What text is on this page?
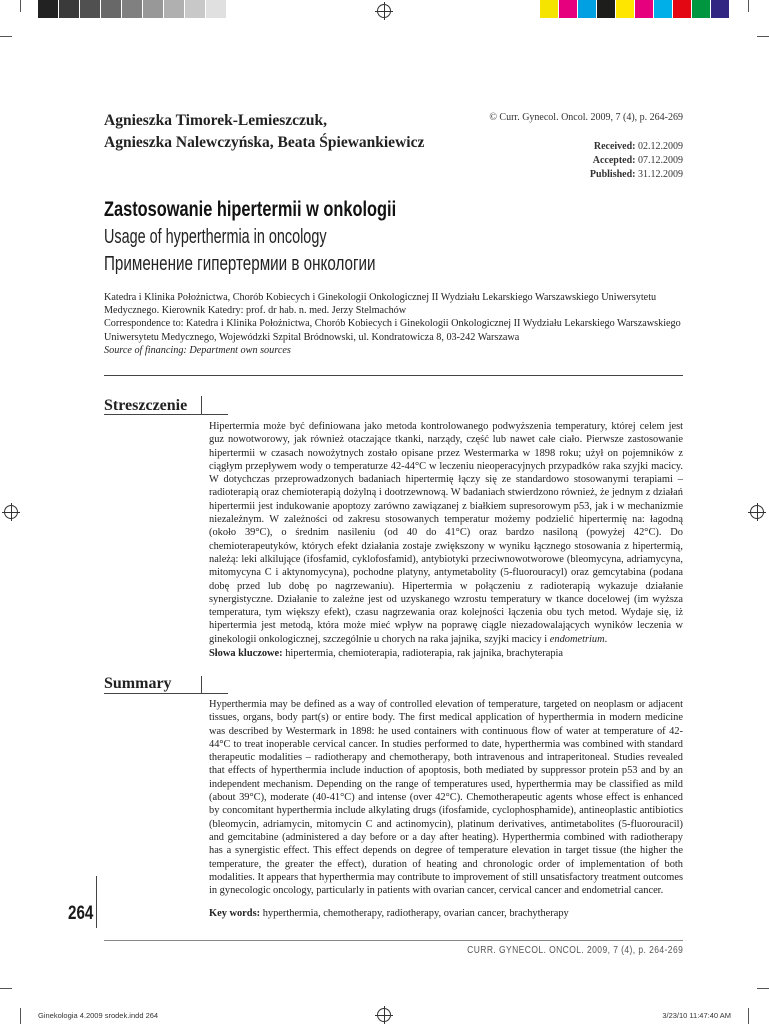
Agnieszka Timorek-Lemieszczuk,
Agnieszka Nalewczyńska, Beata Śpiewankiewicz
© Curr. Gynecol. Oncol. 2009, 7 (4), p. 264-269
Received: 02.12.2009
Accepted: 07.12.2009
Published: 31.12.2009
Zastosowanie hipertermii w onkologii
Usage of hyperthermia in oncology
Применение гипертермии в онкологии
Katedra i Klinika Położnictwa, Chorób Kobiecych i Ginekologii Onkologicznej II Wydziału Lekarskiego Warszawskiego Uniwersytetu
Medycznego. Kierownik Katedry: prof. dr hab. n. med. Jerzy Stelmachów
Correspondence to: Katedra i Klinika Położnictwa, Chorób Kobiecych i Ginekologii Onkologicznej II Wydziału Lekarskiego Warszawskiego
Uniwersytetu Medycznego, Wojewódzki Szpital Bródnowski, ul. Kondratowicza 8, 03-242 Warszawa
Source of financing: Department own sources
Streszczenie
Hipertermia może być definiowana jako metoda kontrolowanego podwyższenia temperatury, której celem jest guz nowotworowy, jak również otaczające tkanki, narządy, część lub nawet całe ciało. Pierwsze zastosowanie hipertermii w czasach nowożytnych zostało opisane przez Westermarka w 1898 roku; użył on pojemników z ciągłym przepływem wody o temperaturze 42-44°C w leczeniu nieoperacyjnych przypadków raka szyjki macicy. W dotychczas przeprowadzonych badaniach hipertermię łączy się ze standardowo stosowanymi terapiami – radioterapią oraz chemioterapią dożylną i dootrzewnową. W badaniach stwierdzono również, że jednym z działań hipertermii jest indukowanie apoptozy zarówno zawiązanej z białkiem supresorowym p53, jak i w mechanizmie niezależnym. W zależności od zakresu stosowanych temperatur możemy podzielić hipertermię na: łagodną (około 39°C), o średnim nasileniu (od 40 do 41°C) oraz bardzo nasiloną (powyżej 42°C). Do chemioterapeutyków, których efekt działania zostaje zwiększony w wyniku łącznego stosowania z hipertermią, należą: leki alkilujące (ifosfamid, cyklofosfamid), antybiotyki przeciwnowotworowe (bleomycyna, adriamycyna, mitomycyna C i aktynomycyna), pochodne platyny, antymetabolity (5-fluorouracyl) oraz gemcytabina (podana dobę przed lub dobę po nagrzewaniu). Hipertermia w połączeniu z radioterapią wykazuje działanie synergistyczne. Działanie to zależne jest od uzyskanego wzrostu temperatury w tkance docelowej (im wyższa temperatura, tym większy efekt), czasu nagrzewania oraz kolejności łączenia obu tych metod. Wydaje się, iż hipertermia jest metodą, która może mieć wpływ na poprawę ciągle niezadowalających wyników leczenia w ginekologii onkologicznej, szczególnie u chorych na raka jajnika, szyjki macicy i endometrium.
Słowa kluczowe: hipertermia, chemioterapia, radioterapia, rak jajnika, brachyterapia
Summary
Hyperthermia may be defined as a way of controlled elevation of temperature, targeted on neoplasm or adjacent tissues, organs, body part(s) or entire body. The first medical application of hyperthermia in modern medicine was described by Westermark in 1898: he used containers with continuous flow of water at temperature of 42-44°C to treat inoperable cervical cancer. In studies performed to date, hyperthermia was combined with standard therapeutic modalities – radiotherapy and chemotherapy, both intravenous and intraperitoneal. Studies revealed that effects of hyperthermia include induction of apoptosis, both mediated by suppressor protein p53 and by an independent mechanism. Depending on the range of temperatures used, hyperthermia may be classified as mild (about 39°C), moderate (40-41°C) and intense (over 42°C). Chemotherapeutic agents whose effect is enhanced by concomitant hyperthermia include alkylating drugs (ifosfamide, cyclophosphamide), antineoplastic antibiotics (bleomycin, adriamycin, mitomycin C and actinomycin), platinum derivatives, antimetabolites (5-fluorouracil) and gemcitabine (administered a day before or a day after heating). Hyperthermia combined with radiotherapy has a synergistic effect. This effect depends on degree of temperature elevation in target tissue (the higher the temperature, the greater the effect), duration of heating and chronologic order of implementation of both modalities. It appears that hyperthermia may contribute to improvement of still unsatisfactory treatment outcomes in gynecologic oncology, particularly in patients with ovarian cancer, cervical cancer and endometrial cancer.
Key words: hyperthermia, chemotherapy, radiotherapy, ovarian cancer, brachytherapy
264
CURR. GYNECOL. ONCOL. 2009, 7 (4), p. 264-269
Ginekologia 4.2009 srodek.indd 264	3/23/10 11:47:40 AM
